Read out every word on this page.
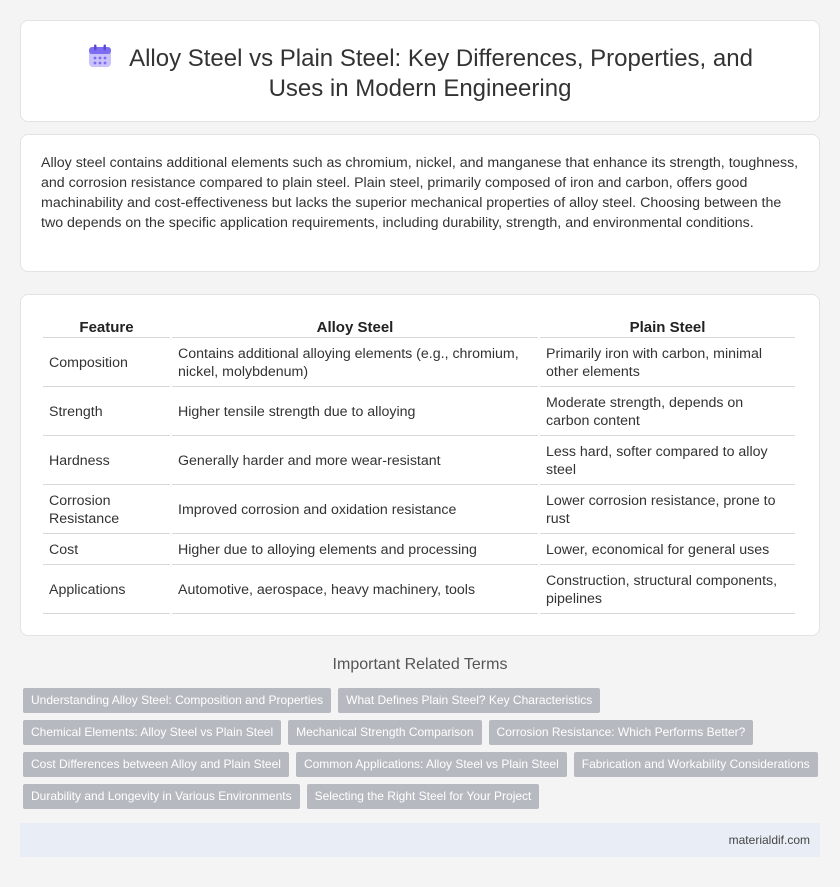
Alloy Steel vs Plain Steel: Key Differences, Properties, and Uses in Modern Engineering

Alloy steel contains additional elements such as chromium, nickel, and manganese that enhance its strength, toughness, and corrosion resistance compared to plain steel. Plain steel, primarily composed of iron and carbon, offers good machinability and cost-effectiveness but lacks the superior mechanical properties of alloy steel. Choosing between the two depends on the specific application requirements, including durability, strength, and environmental conditions.

Feature	Alloy Steel	Plain Steel
Composition	Contains additional alloying elements (e.g., chromium, nickel, molybdenum)	Primarily iron with carbon, minimal other elements
Strength	Higher tensile strength due to alloying	Moderate strength, depends on carbon content
Hardness	Generally harder and more wear-resistant	Less hard, softer compared to alloy steel
Corrosion Resistance	Improved corrosion and oxidation resistance	Lower corrosion resistance, prone to rust
Cost	Higher due to alloying elements and processing	Lower, economical for general uses
Applications	Automotive, aerospace, heavy machinery, tools	Construction, structural components, pipelines
Important Related Terms
Understanding Alloy Steel: Composition and Properties	What Defines Plain Steel? Key Characteristics
Chemical Elements: Alloy Steel vs Plain Steel	Mechanical Strength Comparison	Corrosion Resistance: Which Performs Better?
Cost Differences between Alloy and Plain Steel	Common Applications: Alloy Steel vs Plain Steel	Fabrication and Workability Considerations
Durability and Longevity in Various Environments	Selecting the Right Steel for Your Project
materialdif.com
